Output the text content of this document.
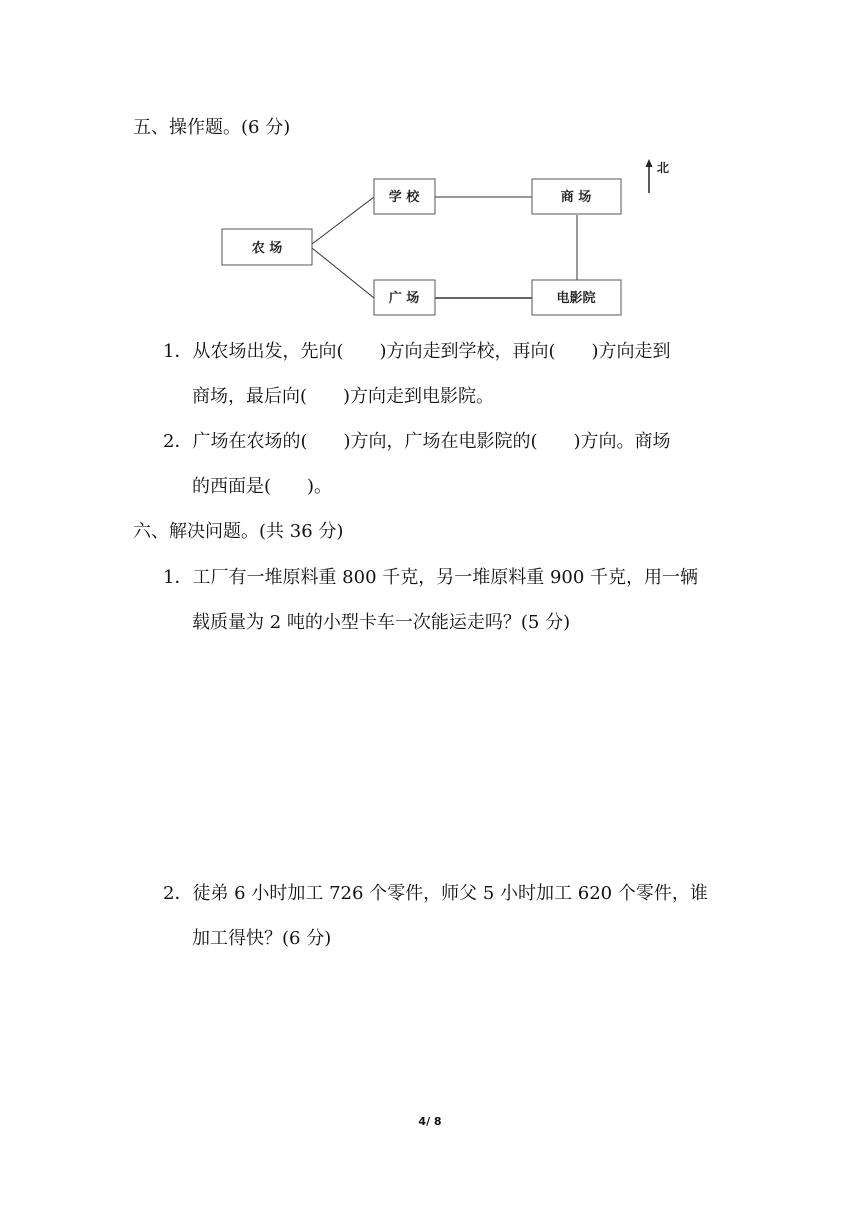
五、操作题。(6 分)
农 场
学 校	商 场
广 场	电影院
北
1．从农场出发，先向(　　)方向走到学校，再向(　　)方向走到
商场，最后向(　　)方向走到电影院。
2．广场在农场的(　　)方向，广场在电影院的(　　)方向。商场
的西面是(　　)。
六、解决问题。(共 36 分)
1．工厂有一堆原料重 800 千克，另一堆原料重 900 千克，用一辆
载质量为 2 吨的小型卡车一次能运走吗？(5 分)
2．徒弟 6 小时加工 726 个零件，师父 5 小时加工 620 个零件，谁
加工得快？(6 分)
4/ 8
